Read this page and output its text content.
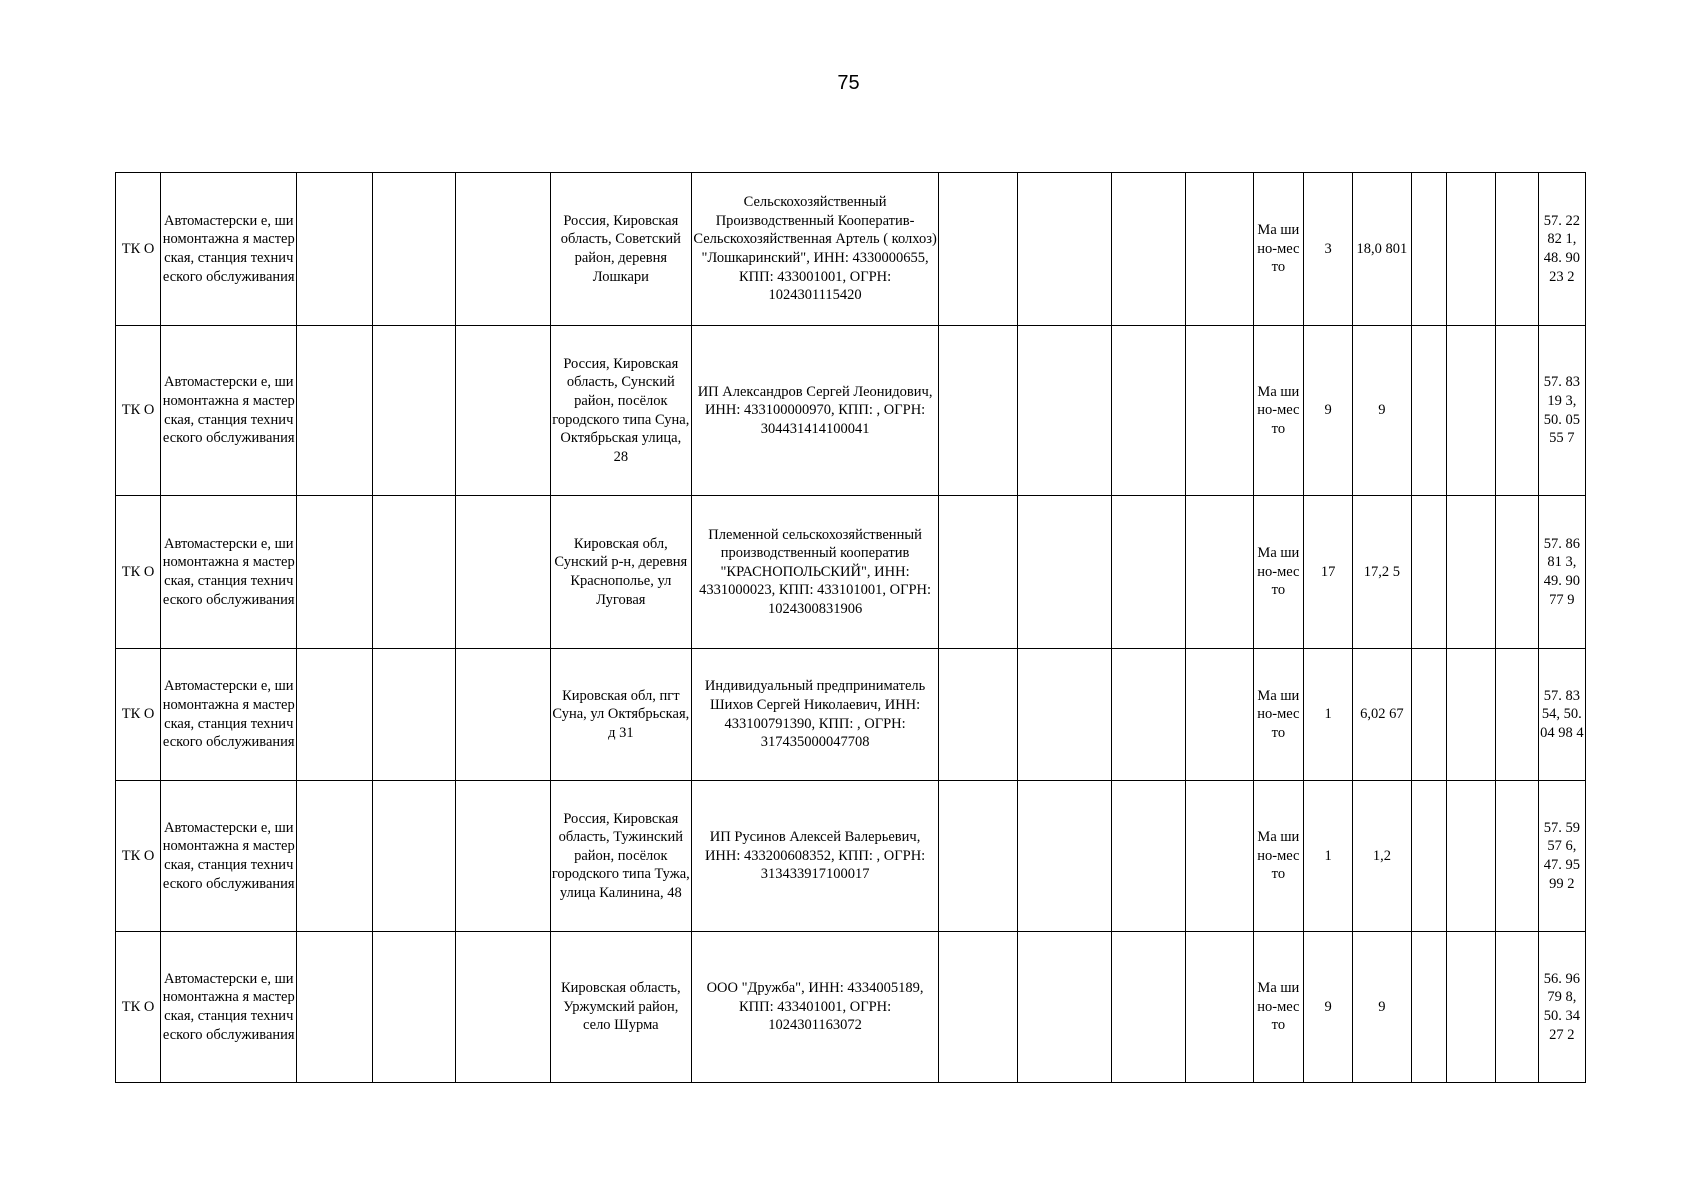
75
ТК О	Автомастерски е, шиномонтажна я мастерская, станция технического обслуживания				Россия, Кировская область, Советский район, деревня Лошкари	Сельскохозяйственный Производственный Кооператив-Сельскохозяйственная Артель ( колхоз) "Лошкаринский", ИНН: 4330000655, КПП: 433001001, ОГРН: 1024301115420					Ма ши но-мес то	3	18,0 801				57. 22 82 1, 48. 90 23 2
ТК О	Автомастерски е, шиномонтажна я мастерская, станция технического обслуживания				Россия, Кировская область, Сунский район, посёлок городского типа Суна, Октябрьская улица, 28	ИП Александров Сергей Леонидович, ИНН: 433100000970, КПП: , ОГРН: 304431414100041					Ма ши но-мес то	9	9				57. 83 19 3, 50. 05 55 7
ТК О	Автомастерски е, шиномонтажна я мастерская, станция технического обслуживания				Кировская обл, Сунский р-н, деревня Краснополье, ул Луговая	Племенной сельскохозяйственный производственный кооператив "КРАСНОПОЛЬСКИЙ", ИНН: 4331000023, КПП: 433101001, ОГРН: 1024300831906					Ма ши но-мес то	17	17,2 5				57. 86 81 3, 49. 90 77 9
ТК О	Автомастерски е, шиномонтажна я мастерская, станция технического обслуживания				Кировская обл, пгт Суна, ул Октябрьская, д 31	Индивидуальный предприниматель Шихов Сергей Николаевич, ИНН: 433100791390, КПП: , ОГРН: 317435000047708					Ма ши но-мес то	1	6,02 67				57. 83 54, 50. 04 98 4
ТК О	Автомастерски е, шиномонтажна я мастерская, станция технического обслуживания				Россия, Кировская область, Тужинский район, посёлок городского типа Тужа, улица Калинина, 48	ИП Русинов Алексей Валерьевич, ИНН: 433200608352, КПП: , ОГРН: 313433917100017					Ма ши но-мес то	1	1,2				57. 59 57 6, 47. 95 99 2
ТК О	Автомастерски е, шиномонтажна я мастерская, станция технического обслуживания				Кировская область, Уржумский район, село Шурма	ООО "Дружба", ИНН: 4334005189, КПП: 433401001, ОГРН: 1024301163072					Ма ши но-мес то	9	9				56. 96 79 8, 50. 34 27 2
